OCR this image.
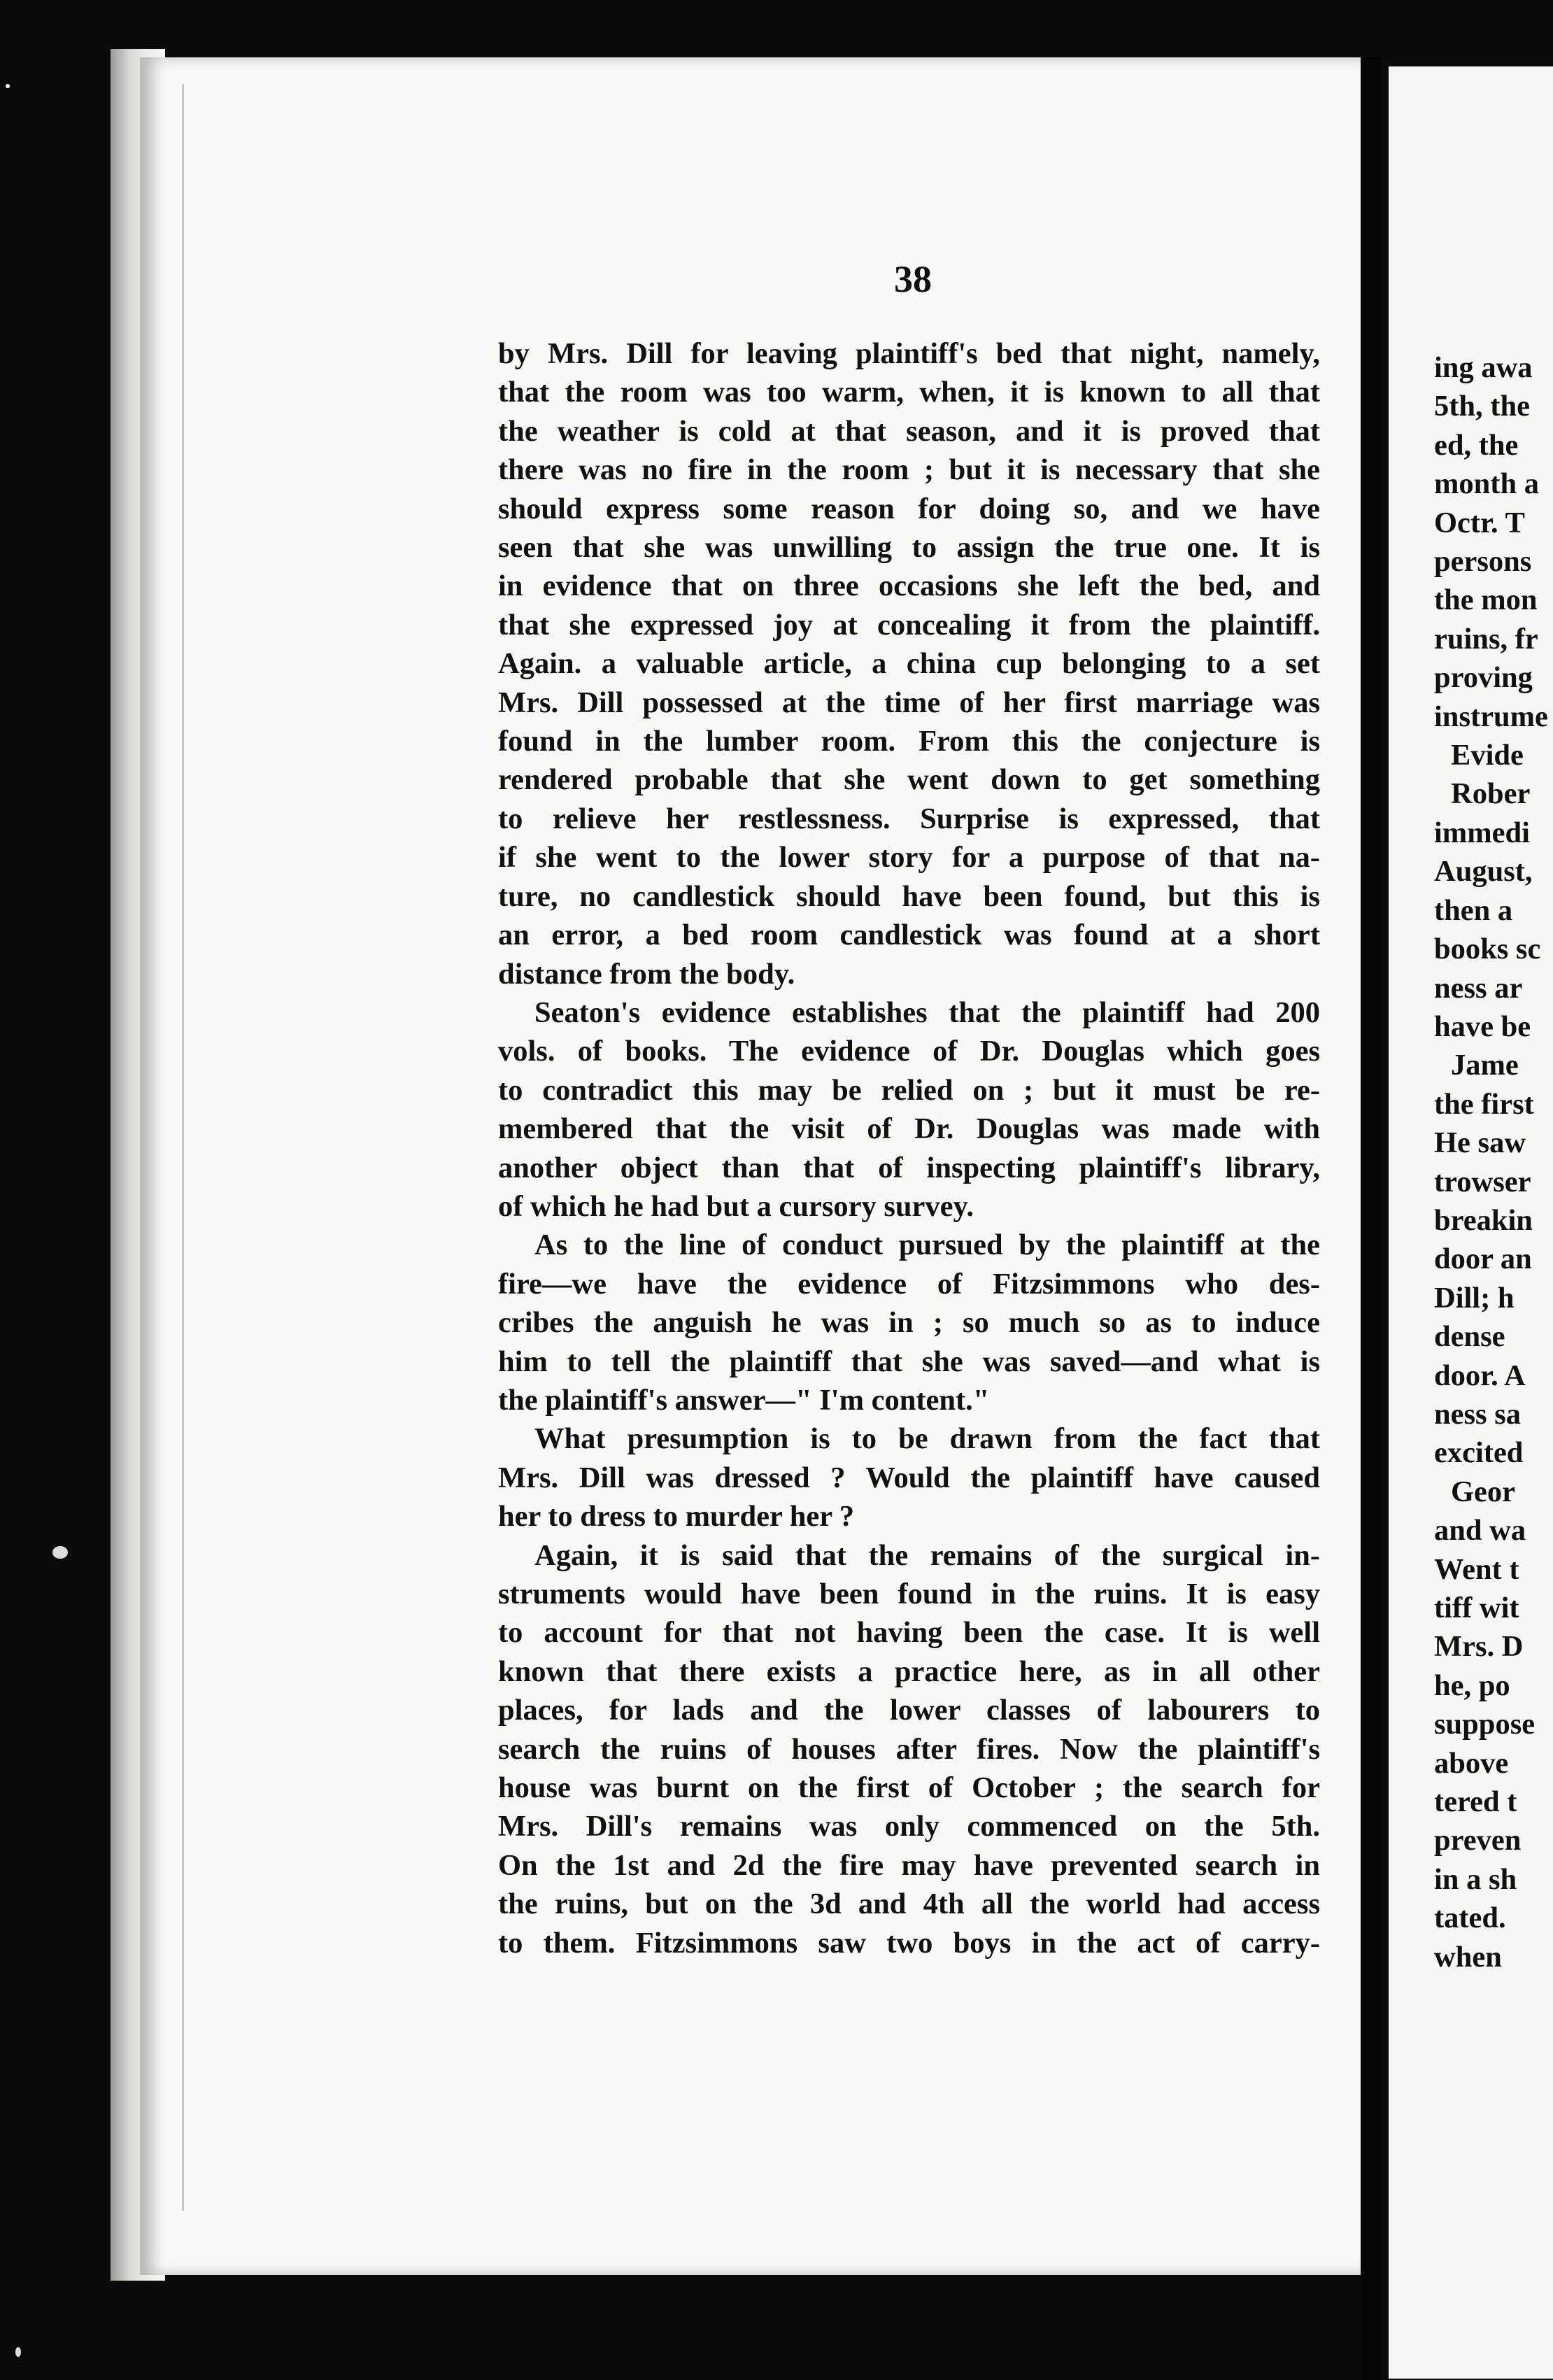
38

by Mrs. Dill for leaving plaintiff's bed that night, namely,

that the room was too warm, when, it is known to all that

the weather is cold at that season, and it is proved that

there was no fire in the room ; but it is necessary that she

should express some reason for doing so, and we have

seen that she was unwilling to assign the true one. It is

in evidence that on three occasions she left the bed, and

that she expressed joy at concealing it from the plaintiff.

Again. a valuable article, a china cup belonging to a set

Mrs. Dill possessed at the time of her first marriage was

found in the lumber room. From this the conjecture is

rendered probable that she went down to get something

to relieve her restlessness. Surprise is expressed, that

if she went to the lower story for a purpose of that na-

ture, no candlestick should have been found, but this is

an error, a bed room candlestick was found at a short

distance from the body.

Seaton's evidence establishes that the plaintiff had 200

vols. of books. The evidence of Dr. Douglas which goes

to contradict this may be relied on ; but it must be re-

membered that the visit of Dr. Douglas was made with

another object than that of inspecting plaintiff's library,

of which he had but a cursory survey.

As to the line of conduct pursued by the plaintiff at the

fire—we have the evidence of Fitzsimmons who des-

cribes the anguish he was in ; so much so as to induce

him to tell the plaintiff that she was saved—and what is

the plaintiff's answer—" I'm content."

What presumption is to be drawn from the fact that

Mrs. Dill was dressed ? Would the plaintiff have caused

her to dress to murder her ?

Again, it is said that the remains of the surgical in-

struments would have been found in the ruins. It is easy

to account for that not having been the case. It is well

known that there exists a practice here, as in all other

places, for lads and the lower classes of labourers to

search the ruins of houses after fires. Now the plaintiff's

house was burnt on the first of October ; the search for

Mrs. Dill's remains was only commenced on the 5th.

On the 1st and 2d the fire may have prevented search in

the ruins, but on the 3d and 4th all the world had access

to them. Fitzsimmons saw two boys in the act of carry-

ing awa
5th, the
ed, the
month a
Octr. T
persons
the mon
ruins, fr
proving
instrume
Evide
Rober
immedi
August,
then a
books sc
ness ar
have be
Jame
the first
He saw
trowser
breakin
door an
Dill; h
dense
door. A
ness sa
excited
Geor
and wa
Went t
tiff wit
Mrs. D
he, po
suppose
above
tered t
preven
in a sh
tated.
when
